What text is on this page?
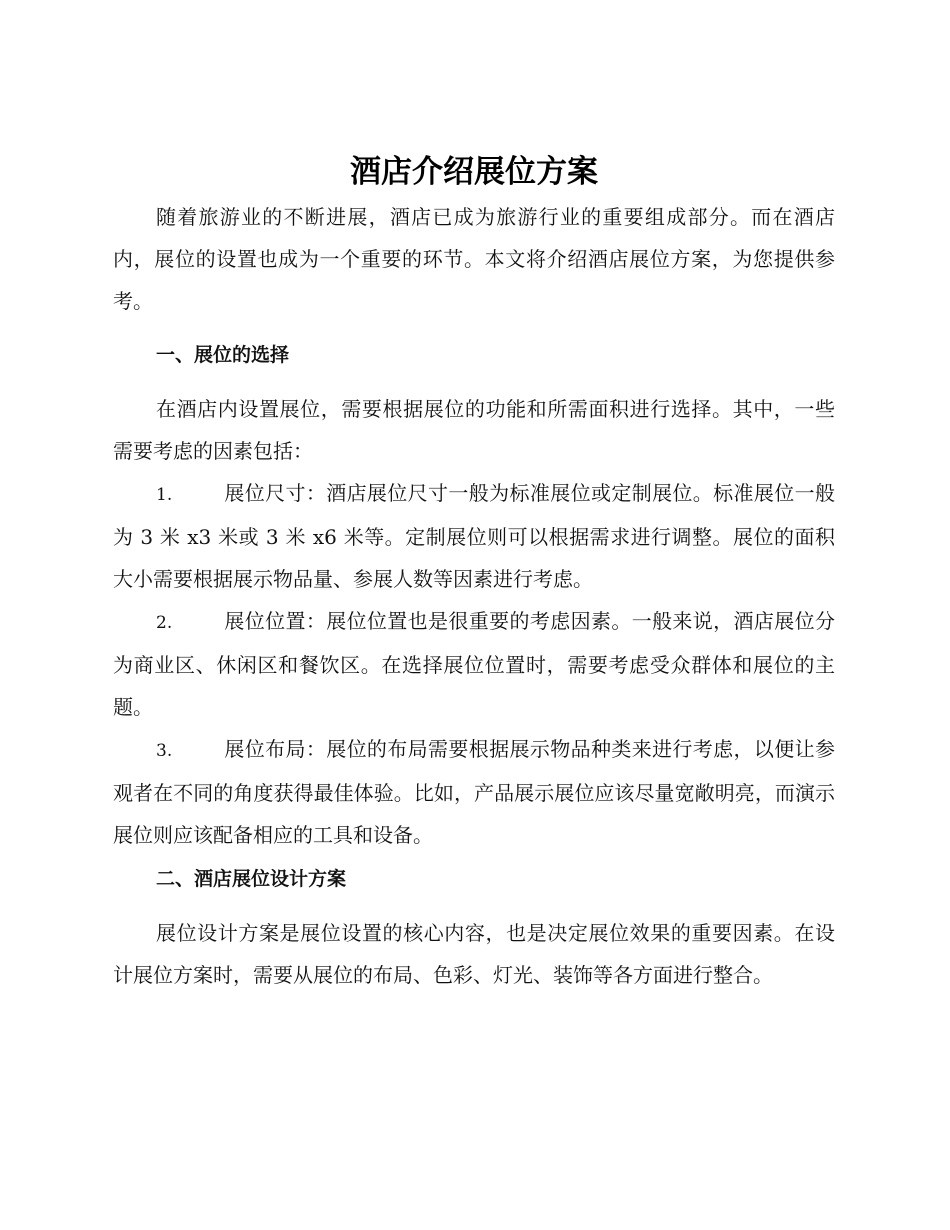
酒店介绍展位方案

随着旅游业的不断进展，酒店已成为旅游行业的重要组成部分。而在酒店内，展位的设置也成为一个重要的环节。本文将介绍酒店展位方案，为您提供参考。

一、展位的选择

在酒店内设置展位，需要根据展位的功能和所需面积进行选择。其中，一些需要考虑的因素包括：

1.	展位尺寸：酒店展位尺寸一般为标准展位或定制展位。标准展位一般为 3 米 x3 米或 3 米 x6 米等。定制展位则可以根据需求进行调整。展位的面积大小需要根据展示物品量、参展人数等因素进行考虑。

2.	展位位置：展位位置也是很重要的考虑因素。一般来说，酒店展位分为商业区、休闲区和餐饮区。在选择展位位置时，需要考虑受众群体和展位的主题。

3.	展位布局：展位的布局需要根据展示物品种类来进行考虑，以便让参观者在不同的角度获得最佳体验。比如，产品展示展位应该尽量宽敞明亮，而演示展位则应该配备相应的工具和设备。

二、酒店展位设计方案

展位设计方案是展位设置的核心内容，也是决定展位效果的重要因素。在设计展位方案时，需要从展位的布局、色彩、灯光、装饰等各方面进行整合。
